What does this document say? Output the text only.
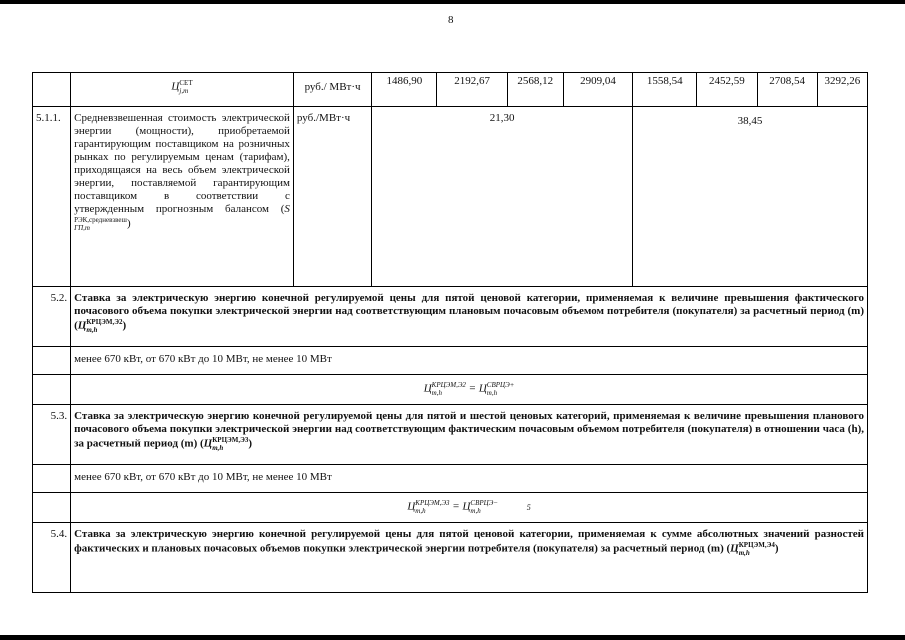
8
	ЦСЕТ
j,m	руб./ МВт·ч	1486,90	2192,67	2568,12	2909,04	1558,54	2452,59	2708,54	3292,26
5.1.1.	Средневзвешенная стоимость электрической энергии (мощности), приобретаемой гарантирующим поставщиком на розничных рынках по регулируемым ценам (тарифам), приходящаяся на весь объем электрической энергии, поставляемой гарантирующим поставщиком в соответствии с утвержденным прогнозным балансом (SРЭК,средневзвеш
ГП,m )	руб./МВт·ч	21,30				38,45			
5.2.	Ставка за электрическую энергию конечной регулируемой цены для пятой ценовой категории, применяемая к величине превышения фактического почасового объема покупки электрической энергии над соответствующим плановым почасовым объемом потребителя (покупателя) за расчетный период (m) (ЦКРЦЭМ,Э2
m,h )									
	менее 670 кВт, от 670 кВт до 10 МВт, не менее 10 МВт									
	ЦКРЦЭМ,Э2
m,h = ЦСВРЦЭ+
m,h									
5.3.	Ставка за электрическую энергию конечной регулируемой цены для пятой и шестой ценовых категорий, применяемая к величине превышения планового почасового объема покупки электрической энергии над соответствующим фактическим почасовым объемом потребителя (покупателя) в отношении часа (h), за расчетный период (m) (ЦКРЦЭМ,Э3
m,h )									
	менее 670 кВт, от 670 кВт до 10 МВт, не менее 10 МВт									
	ЦКРЦЭМ,Э3
m,h = ЦСВРЦЭ−
m,h 5									
5.4.	Ставка за электрическую энергию конечной регулируемой цены для пятой ценовой категории, применяемая к сумме абсолютных значений разностей фактических и плановых почасовых объемов покупки электрической энергии потребителя (покупателя) за расчетный период (m) (ЦКРЦЭМ,Э4
m,h )									
